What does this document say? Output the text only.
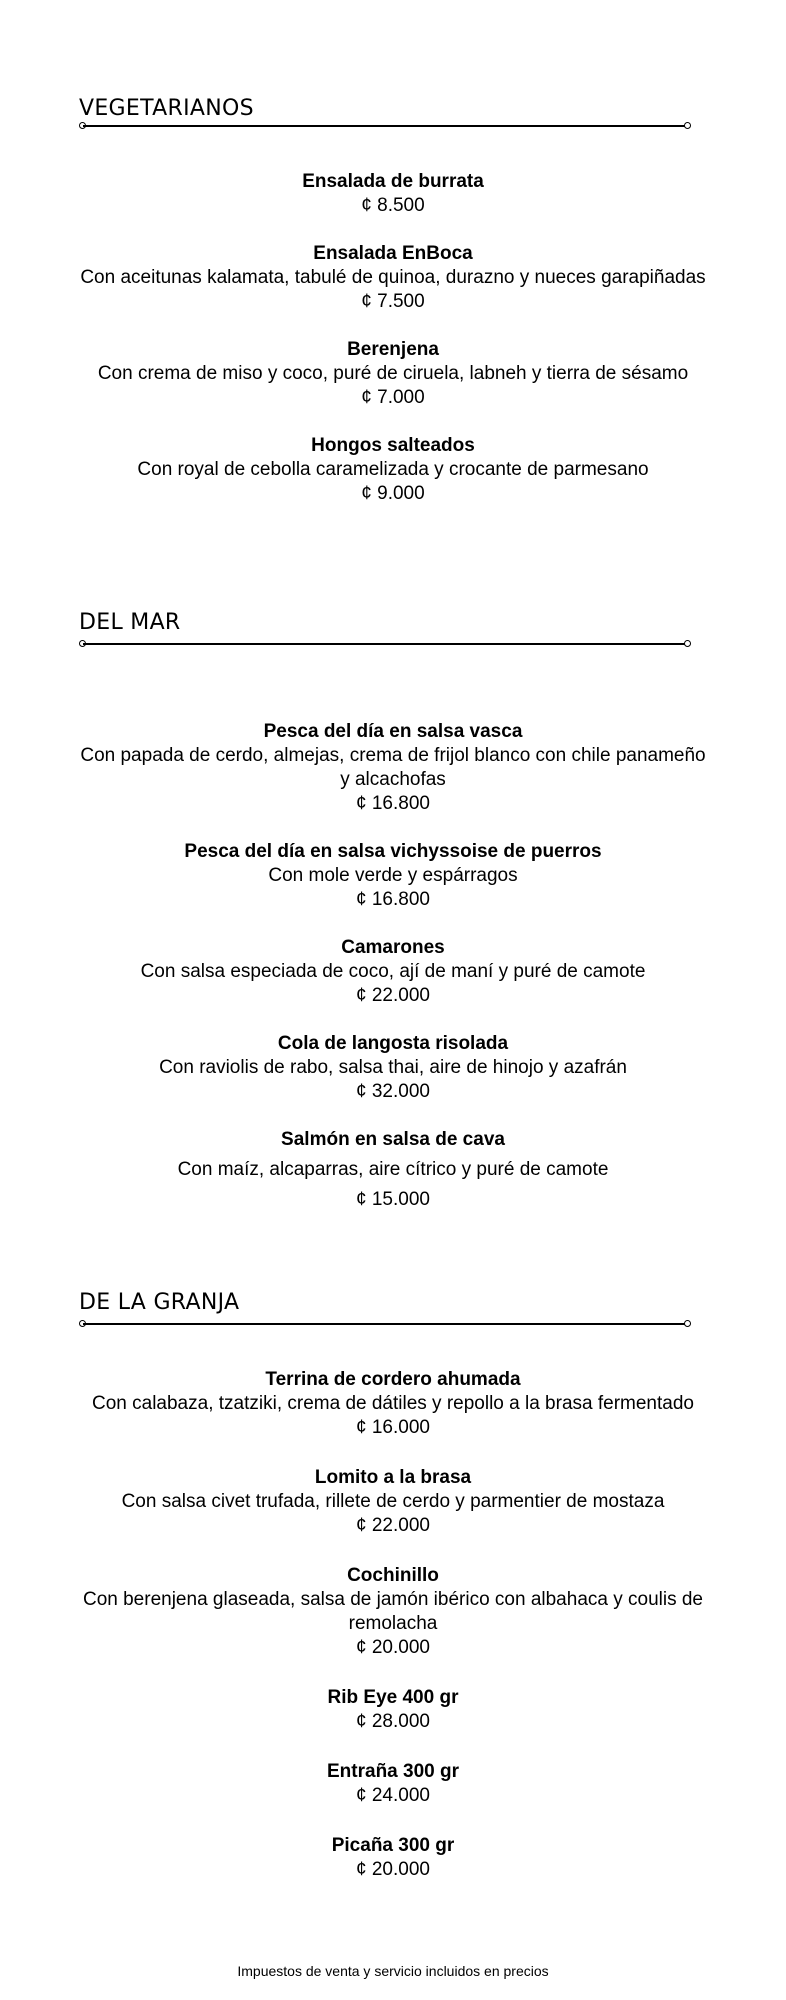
VEGETARIANOS
Ensalada de burrata
¢ 8.500
Ensalada EnBoca
Con aceitunas kalamata, tabulé de quinoa, durazno y nueces garapiñadas
¢ 7.500
Berenjena
Con crema de miso y coco, puré de ciruela, labneh y tierra de sésamo
¢ 7.000
Hongos salteados
Con royal de cebolla caramelizada y crocante de parmesano
¢ 9.000
DEL MAR
Pesca del día en salsa vasca
Con papada de cerdo, almejas, crema de frijol blanco con chile panameño y alcachofas
¢ 16.800
Pesca del día en salsa vichyssoise de puerros
Con mole verde y espárragos
¢ 16.800
Camarones
Con salsa especiada de coco, ají de maní y puré de camote
¢ 22.000
Cola de langosta risolada
Con raviolis de rabo, salsa thai, aire de hinojo y azafrán
¢ 32.000
Salmón en salsa de cava
Con maíz, alcaparras, aire cítrico y puré de camote
¢ 15.000
DE LA GRANJA
Terrina de cordero ahumada
Con calabaza, tzatziki, crema de dátiles y repollo a la brasa fermentado
¢ 16.000
Lomito a la brasa
Con salsa civet trufada, rillete de cerdo y parmentier de mostaza
¢ 22.000
Cochinillo
Con berenjena glaseada, salsa de jamón ibérico con albahaca y coulis de remolacha
¢ 20.000
Rib Eye 400 gr
¢ 28.000
Entraña 300 gr
¢ 24.000
Picaña 300 gr
¢ 20.000
Impuestos de venta y servicio incluidos en precios
